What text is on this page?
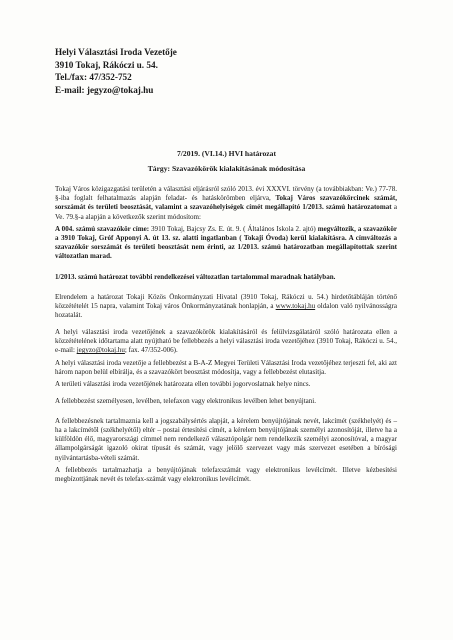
Helyi Választási Iroda Vezetője
3910 Tokaj, Rákóczi u. 54.
Tel./fax: 47/352-752
E-mail: jegyzo@tokaj.hu
7/2019. (VI.14.) HVI határozat
Tárgy: Szavazókörök kialakításának módosítása

Tokaj Város közigazgatási területén a választási eljárásról szóló 2013. évi XXXVI. törvény (a továbbiakban: Ve.) 77-78. §-iba foglalt felhatalmazás alapján feladat- és hatáskörömben eljárva, Tokaj Város szavazókörcinek számát, sorszámát és területi beosztását, valamint a szavazóhelyiségek címét megállapító 1/2013. számú határozatomat a Ve. 79.§-a alapján a következők szerint módosítom:

A 004. számú szavazókör címe: 3910 Tokaj, Bajcsy Zs. E. út. 9. ( Általános Iskola 2. ajtó) megváltozik, a szavazókör a 3910 Tokaj, Gróf Apponyi A. út 13. sz. alatti ingatlanban ( Tokaji Óvoda) kerül kialakításra. A címváltozás a szavazókör sorszámát és területi beosztását nem érinti, az 1/2013. számú határozatban megállapítottak szerint változatlan marad.

1/2013. számú határozat további rendelkezései változatlan tartalommal maradnak hatályban.

Elrendelem a határozat Tokaji Közös Önkormányzati Hivatal (3910 Tokaj, Rákóczi u. 54.) hirdetőtábláján történő közzétételét 15 napra, valamint Tokaj város Önkormányzatának honlapján, a www.tokaj.hu oldalon való nyilvánosságra hozatalát.

A helyi választási iroda vezetőjének a szavazókörök kialakításáról és felülvizsgálatáról szóló határozata ellen a közzétételének időtartama alatt nyújtható be fellebbezés a helyi választási iroda vezetőjéhez (3910 Tokaj, Rákóczi u. 54., e-mail: jegyzo@tokaj.hu; fax. 47/352-006).

A helyi választási iroda vezetője a fellebbezést a B-A-Z Megyei Területi Választási Iroda vezetőjéhez terjeszti fel, aki azt három napon belül elbírálja, és a szavazókört beosztást módosítja, vagy a fellebbezést elutasítja.

A területi választási iroda vezetőjének határozata ellen további jogorvoslatnak helye nincs.

A fellebbezést személyesen, levélben, telefaxon vagy elektronikus levélben lehet benyújtani.

A fellebbezésnek tartalmaznia kell a jogszabálysértés alapját, a kérelem benyújtójának nevét, lakcímét (székhelyét) és – ha a lakcímétől (székhelyétől) eltér – postai értesítési címét, a kérelem benyújtójának személyi azonosítóját, illetve ha a külföldön élő, magyarországi címmel nem rendelkező választópolgár nem rendelkezik személyi azonosítóval, a magyar állampolgárságát igazoló okirat típusát és számát, vagy jelölő szervezet vagy más szervezet esetében a bírósági nyilvántartásba-vételi számát.

A fellebbezés tartalmazhatja a benyújtójának telefaxszámát vagy elektronikus levélcímét. Illetve kézbesítési megbízottjának nevét és telefax-számát vagy elektronikus levélcímét.
